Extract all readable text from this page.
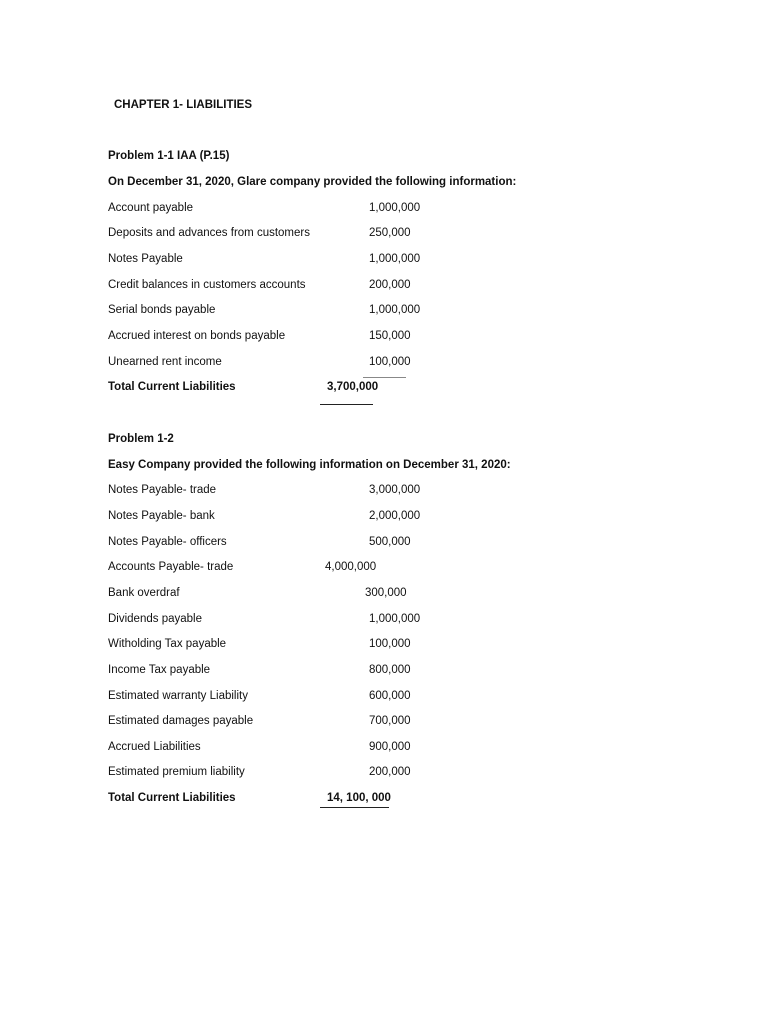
CHAPTER 1- LIABILITIES
Problem 1-1 IAA (P.15)
On December 31, 2020, Glare company provided the following information:
Account payable	1,000,000
Deposits and advances from customers	250,000
Notes Payable	1,000,000
Credit balances in customers accounts	200,000
Serial bonds payable	1,000,000
Accrued interest on bonds payable	150,000
Unearned rent income	100,000
Total Current Liabilities	3,700,000
Problem 1-2
Easy Company provided the following information on December 31, 2020:
Notes Payable- trade	3,000,000
Notes Payable- bank	2,000,000
Notes Payable- officers	500,000
Accounts Payable- trade	4,000,000
Bank overdraf	300,000
Dividends payable	1,000,000
Witholding Tax payable	100,000
Income Tax payable	800,000
Estimated warranty Liability	600,000
Estimated damages payable	700,000
Accrued Liabilities	900,000
Estimated premium liability	200,000
Total Current Liabilities	14, 100, 000
